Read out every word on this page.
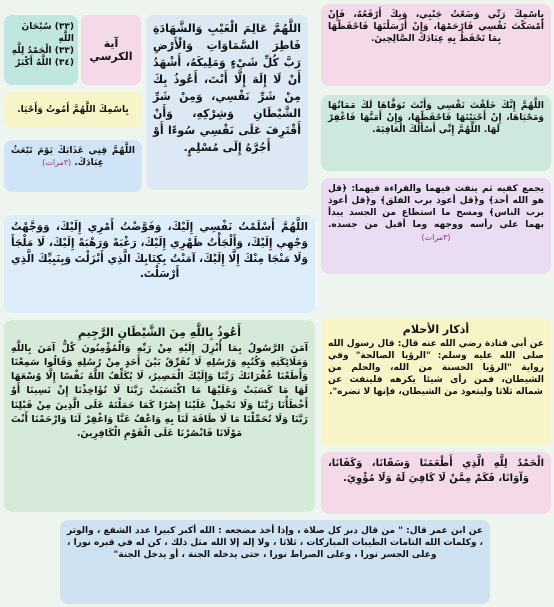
آية
الكرسي
(٣٣) سُبْحَانَ اللَّهِ
(٣٣) الْحَمْدُ لِلَّهِ
(٣٤) اللَّهُ أَكْبَرُ
بِاسْمِكَ اللَّهُمَّ أَمُوتُ وَأَحْيَا.
اللَّهُمَّ قِنِي عَذَابَكَ يَوْمَ تَبْعَثُ عِبَادَكَ. (٣مرات)
اللَّهُمَّ عَالِمَ الْغَيْبِ وَالشَّهَادَةِ فَاطِرَ السَّمَاوَاتِ وَالْأَرْضِ رَبَّ كُلِّ شَيْءٍ وَمَلِيكَهُ، أَشْهَدُ أَنْ لَا إِلَهَ إِلَّا أَنْتَ، أَعُوذُ بِكَ مِنْ شَرِّ نَفْسِي، وَمِنْ شَرِّ الشَّيْطَانِ وَشِرْكِهِ، وَأَنْ أَقْتَرِفَ عَلَى نَفْسِي سُوءًا أَوْ أَجُرَّهُ إِلَى مُسْلِمٍ.
بِاسْمِكَ رَبِّي وَضَعْتُ جَنْبِي، وَبِكَ أَرْفَعُهُ، فَإِنْ أَمْسَكْتَ نَفْسِي فَارْحَمْهَا، وَإِنْ أَرْسَلْتَهَا فَاحْفَظْهَا بِمَا تَحْفَظُ بِهِ عِبَادَكَ الصَّالِحِينَ.
اللَّهُمَّ إِنَّكَ خَلَقْتَ نَفْسِي وَأَنْتَ تَوَفَّاهَا لَكَ مَمَاتُهَا وَمَحْيَاهَا، إِنْ أَحْيَيْتَهَا فَاحْفَظْهَا، وَإِنْ أَمَتَّهَا فَاغْفِرْ لَهَا. اللَّهُمَّ إِنِّي أَسْأَلُكَ الْعَافِيَةَ.
يجمع كفيه ثم ينفث فيهما والقراءة فيهما: ﴿قل هو الله أحد﴾ و﴿قل أعوذ برب الفلق﴾ و﴿قل أعوذ برب الناس﴾ ومسح ما استطاع من الجسد يبدأ بهما على رأسه ووجهه وما أقبل من جسده. (٣مرات)
اللَّهُمَّ أَسْلَمْتُ نَفْسِي إِلَيْكَ، وَفَوَّضْتُ أَمْرِي إِلَيْكَ، وَوَجَّهْتُ وَجْهِي إِلَيْكَ، وَأَلْجَأْتُ ظَهْرِي إِلَيْكَ، رَغْبَةً وَرَهْبَةً إِلَيْكَ، لَا مَلْجَأَ وَلَا مَنْجَا مِنْكَ إِلَّا إِلَيْكَ، آمَنْتُ بِكِتَابِكَ الَّذِي أَنْزَلْتَ وَبِنَبِيِّكَ الَّذِي أَرْسَلْتَ.
أَعُوذُ بِاللَّهِ مِنَ الشَّيْطَانِ الرَّجِيمِ
آمَنَ الرَّسُولُ بِمَا أُنْزِلَ إِلَيْهِ مِنْ رَبِّهِ وَالْمُؤْمِنُونَ كُلٌّ آمَنَ بِاللَّهِ وَمَلَائِكَتِهِ وَكُتُبِهِ وَرُسُلِهِ لَا نُفَرِّقُ بَيْنَ أَحَدٍ مِنْ رُسُلِهِ وَقَالُوا سَمِعْنَا وَأَطَعْنَا غُفْرَانَكَ رَبَّنَا وَإِلَيْكَ الْمَصِيرُ، لَا يُكَلِّفُ اللَّهُ نَفْسًا إِلَّا وُسْعَهَا لَهَا مَا كَسَبَتْ وَعَلَيْهَا مَا اكْتَسَبَتْ رَبَّنَا لَا تُؤَاخِذْنَا إِنْ نَسِينَا أَوْ أَخْطَأْنَا رَبَّنَا وَلَا تَحْمِلْ عَلَيْنَا إِصْرًا كَمَا حَمَلْتَهُ عَلَى الَّذِينَ مِنْ قَبْلِنَا رَبَّنَا وَلَا تُحَمِّلْنَا مَا لَا طَاقَةَ لَنَا بِهِ وَاعْفُ عَنَّا وَاغْفِرْ لَنَا وَارْحَمْنَا أَنْتَ مَوْلَانَا فَانْصُرْنَا عَلَى الْقَوْمِ الْكَافِرِينَ.
أذكار الأحلام
عن أبي قتادة رضي الله عنه قال: قال رسول الله صلى الله عليه وسلم: "الرؤيا الصالحة" وفي رواية "الرؤيا الحسنة من الله، والحلم من الشيطان، فمن رأى شيئا يكرهه فلينفث عن شماله ثلاثا وليتعوذ من الشيطان، فإنها لا تضره".
الْحَمْدُ لِلَّهِ الَّذِي أَطْعَمَنَا وَسَقَانَا، وَكَفَانَا، وَآوَانَا، فَكَمْ مِمَّنْ لَا كَافِيَ لَهُ وَلَا مُؤْوِيَ.
عن ابن عمر قال: " من قال دبر كل صلاة ، وإذا أخذ مضجعه : الله أكبر كبيرا عدد الشفع ، والوتر ، وكلمات الله التامات الطيبات المباركات ، ثلاثا ، ولا إله إلا الله مثل ذلك ، كن له في قبره نورا ، وعلى الجسر نورا ، وعلى الصراط نورا ، حتى يدخله الجنة ، أو يدخل الجنة"
